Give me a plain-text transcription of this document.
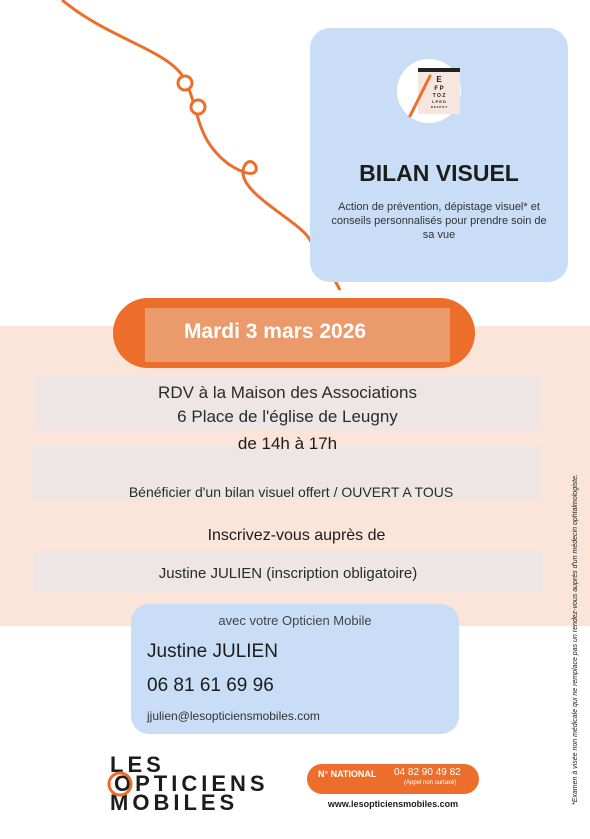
E
F P
T O Z
L P E D
D E F P O T
BILAN VISUEL
Action de prévention, dépistage visuel* et conseils personnalisés pour prendre soin de sa vue
Mardi 3 mars 2026
RDV à la Maison des Associations
6 Place de l'église de Leugny
de 14h à 17h
Bénéficier d'un bilan visuel offert / OUVERT A TOUS
Inscrivez-vous auprès de
Justine JULIEN (inscription obligatoire)
avec votre Opticien Mobile
Justine JULIEN
06 81 61 69 96
jjulien@lesopticiensmobiles.com
LES
OPTICIENS
MOBILES
N° NATIONAL 04 82 90 49 82
(Appel non surtaxé)
www.lesopticiensmobiles.com	*Examen à visée non médicale qui ne remplace pas un rendez-vous auprès d'un médecin ophtalmologiste.
